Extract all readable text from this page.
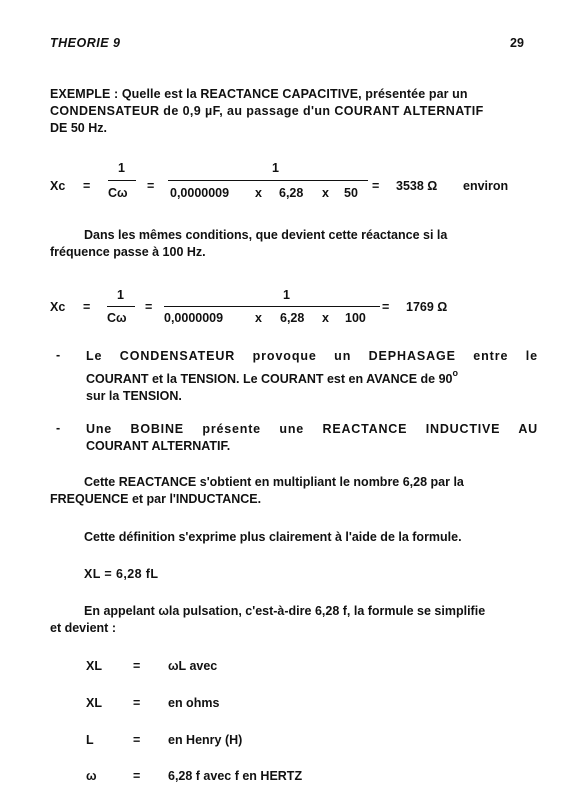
THEORIE 9	29
EXEMPLE : Quelle est la REACTANCE CAPACITIVE, présentée par un
CONDENSATEUR de 0,9 µF, au passage d'un COURANT ALTERNATIF
DE 50 Hz.
Xc =
1
Cω =
1
0,0000009 x 6,28 x 50 = 3538 Ω environ
Dans les mêmes conditions, que devient cette réactance si la
fréquence passe à 100 Hz.
Xc =
1
Cω
=
1
0,0000009	x 6,28 x 100
= 1769 Ω
- Le CONDENSATEUR provoque un DEPHASAGE entre le
COURANT et la TENSION. Le COURANT est en AVANCE de 90$^o$
sur la TENSION.
- Une BOBINE présente une REACTANCE INDUCTIVE AU
COURANT ALTERNATIF.
Cette REACTANCE s'obtient en multipliant le nombre 6,28 par la
FREQUENCE et par l'INDUCTANCE.
Cette définition s'exprime plus clairement à l'aide de la formule.
XL = 6,28 fL
En appelant ωla pulsation, c'est-à-dire 6,28 f, la formule se simplifie
et devient :
XL = ωL avec
XL = en ohms
L	= en Henry (H)
ω	= 6,28 f avec f en HERTZ
